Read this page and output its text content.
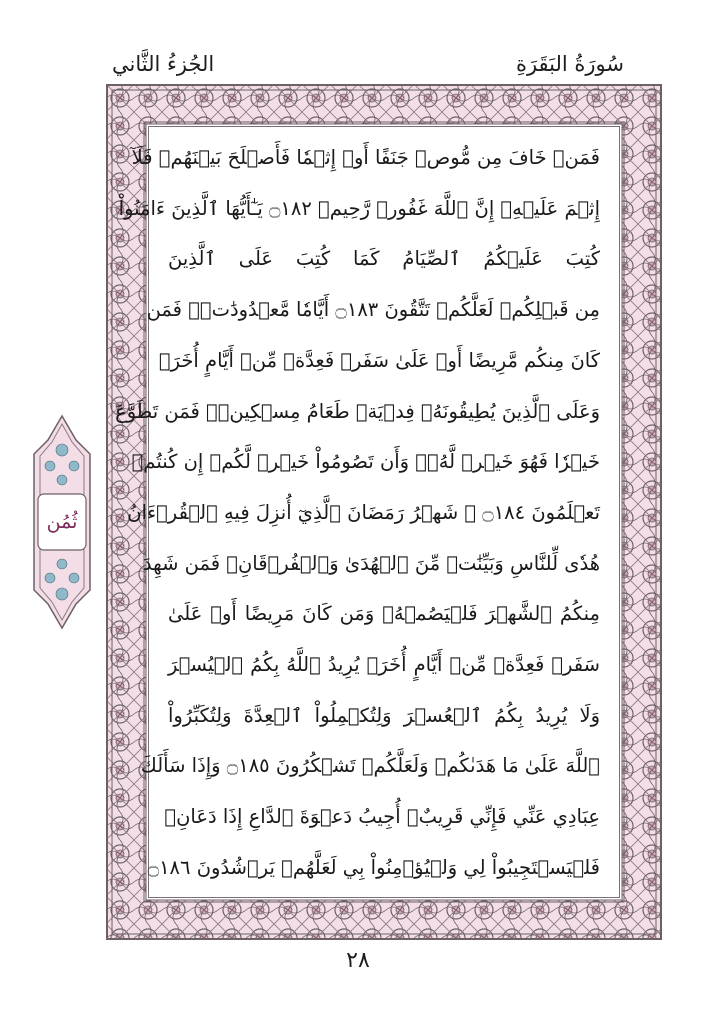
الجُزءُ الثَّاني	سُورَةُ البَقَرَةِ
فَمَنۡ خَافَ مِن مُّوصٖ جَنَفًا أَوۡ إِثۡمٗا فَأَصۡلَحَ بَيۡنَهُمۡ فَلَآ
إِثۡمَ عَلَيۡهِۚ إِنَّ ٱللَّهَ غَفُورٞ رَّحِيمٞ ۝١٨٢ يَـٰٓأَيُّهَا ٱلَّذِينَ ءَامَنُواْ
كُتِبَ عَلَيۡكُمُ ٱلصِّيَامُ كَمَا كُتِبَ عَلَى ٱلَّذِينَ
مِن قَبۡلِكُمۡ لَعَلَّكُمۡ تَتَّقُونَ ۝١٨٣ أَيَّامٗا مَّعۡدُودَٰتٖۚ فَمَن
كَانَ مِنكُم مَّرِيضًا أَوۡ عَلَىٰ سَفَرٖ فَعِدَّةٞ مِّنۡ أَيَّامٍ أُخَرَۚ
وَعَلَى ٱلَّذِينَ يُطِيقُونَهُۥ فِدۡيَةٞ طَعَامُ مِسۡكِينٖۖ فَمَن تَطَوَّعَ
خَيۡرٗا فَهُوَ خَيۡرٞ لَّهُۥۚ وَأَن تَصُومُواْ خَيۡرٞ لَّكُمۡ إِن كُنتُمۡ
تَعۡلَمُونَ ۝١٨٤ ۞ شَهۡرُ رَمَضَانَ ٱلَّذِيٓ أُنزِلَ فِيهِ ٱلۡقُرۡءَانُ
هُدٗى لِّلنَّاسِ وَبَيِّنَٰتٖ مِّنَ ٱلۡهُدَىٰ وَٱلۡفُرۡقَانِۚ فَمَن شَهِدَ
مِنكُمُ ٱلشَّهۡرَ فَلۡيَصُمۡهُۖ وَمَن كَانَ مَرِيضًا أَوۡ عَلَىٰ
سَفَرٖ فَعِدَّةٞ مِّنۡ أَيَّامٍ أُخَرَۗ يُرِيدُ ٱللَّهُ بِكُمُ ٱلۡيُسۡرَ
وَلَا يُرِيدُ بِكُمُ ٱلۡعُسۡرَ وَلِتُكۡمِلُواْ ٱلۡعِدَّةَ وَلِتُكَبِّرُواْ
ٱللَّهَ عَلَىٰ مَا هَدَىٰكُمۡ وَلَعَلَّكُمۡ تَشۡكُرُونَ ۝١٨٥ وَإِذَا سَأَلَكَ
عِبَادِي عَنِّي فَإِنِّي قَرِيبٌۖ أُجِيبُ دَعۡوَةَ ٱلدَّاعِ إِذَا دَعَانِۖ
فَلۡيَسۡتَجِيبُواْ لِي وَلۡيُؤۡمِنُواْ بِي لَعَلَّهُمۡ يَرۡشُدُونَ ۝١٨٦
ثُمُن
٢٨
